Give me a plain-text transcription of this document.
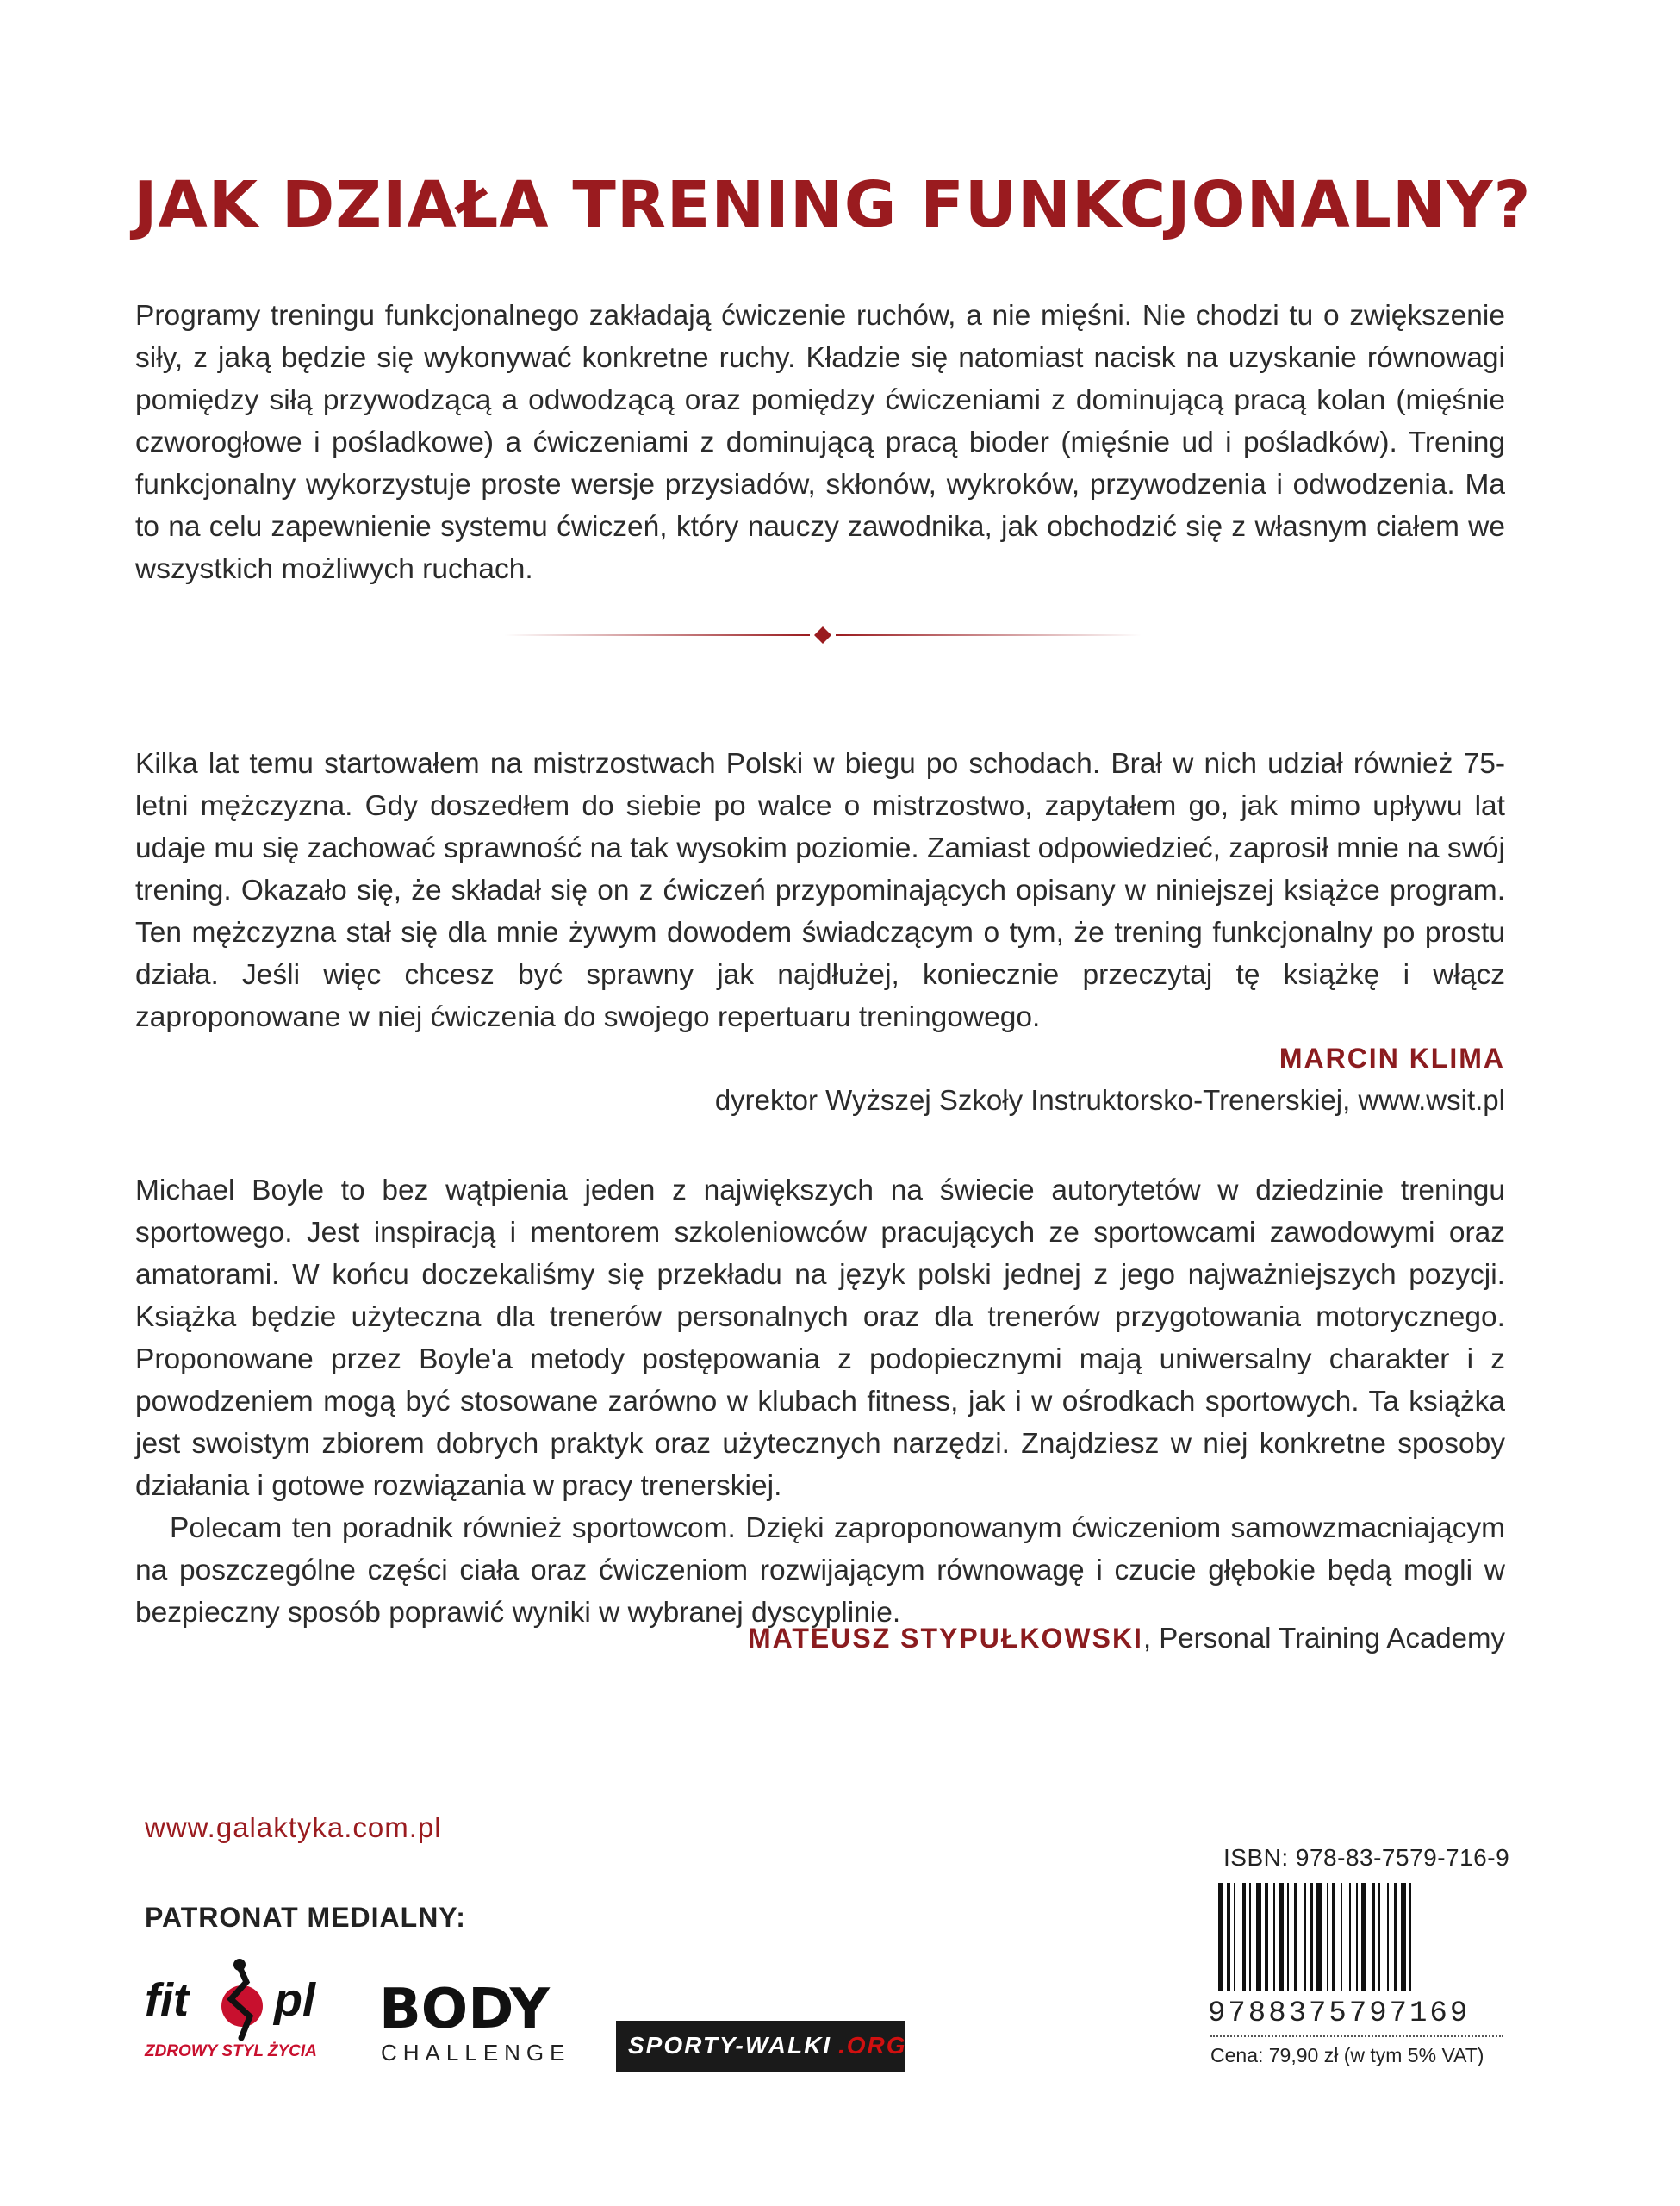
JAK DZIAŁA TRENING FUNKCJONALNY?
Programy treningu funkcjonalnego zakładają ćwiczenie ruchów, a nie mięśni. Nie chodzi tu o zwiększenie siły, z jaką będzie się wykonywać konkretne ruchy. Kładzie się natomiast nacisk na uzyskanie równowagi pomiędzy siłą przywodzącą a odwodzącą oraz pomiędzy ćwiczeniami z dominującą pracą kolan (mięśnie czworogłowe i pośladkowe) a ćwiczeniami z dominującą pracą bioder (mięśnie ud i pośladków). Trening funkcjonalny wykorzystuje proste wersje przysiadów, skłonów, wykroków, przywodzenia i odwodzenia. Ma to na celu zapewnienie systemu ćwiczeń, który nauczy zawodnika, jak obchodzić się z własnym ciałem we wszystkich możliwych ruchach.
Kilka lat temu startowałem na mistrzostwach Polski w biegu po schodach. Brał w nich udział również 75-letni mężczyzna. Gdy doszedłem do siebie po walce o mistrzostwo, zapytałem go, jak mimo upływu lat udaje mu się zachować sprawność na tak wysokim poziomie. Zamiast odpowiedzieć, zaprosił mnie na swój trening. Okazało się, że składał się on z ćwiczeń przypominających opisany w niniejszej książce program. Ten mężczyzna stał się dla mnie żywym dowodem świadczącym o tym, że trening funkcjonalny po prostu działa. Jeśli więc chcesz być sprawny jak najdłużej, koniecznie przeczytaj tę książkę i włącz zaproponowane w niej ćwiczenia do swojego repertuaru treningowego.
MARCIN KLIMA
dyrektor Wyższej Szkoły Instruktorsko-Trenerskiej, www.wsit.pl
Michael Boyle to bez wątpienia jeden z największych na świecie autorytetów w dziedzinie treningu sportowego. Jest inspiracją i mentorem szkoleniowców pracujących ze sportowcami zawodowymi oraz amatorami. W końcu doczekaliśmy się przekładu na język polski jednej z jego najważniejszych pozycji. Książka będzie użyteczna dla trenerów personalnych oraz dla trenerów przygotowania motorycznego. Proponowane przez Boyle'a metody postępowania z podopiecznymi mają uniwersalny charakter i z powodzeniem mogą być stosowane zarówno w klubach fitness, jak i w ośrodkach sportowych. Ta książka jest swoistym zbiorem dobrych praktyk oraz użytecznych narzędzi. Znajdziesz w niej konkretne sposoby działania i gotowe rozwiązania w pracy trenerskiej.
Polecam ten poradnik również sportowcom. Dzięki zaproponowanym ćwiczeniom samowzmacniającym na poszczególne części ciała oraz ćwiczeniom rozwijającym równowagę i czucie głębokie będą mogli w bezpieczny sposób poprawić wyniki w wybranej dyscyplinie.
MATEUSZ STYPUŁKOWSKI, Personal Training Academy
www.galaktyka.com.pl
PATRONAT MEDIALNY:
fit pl
ZDROWY STYL ŻYCIA
BODY
CHALLENGE SPORTY-WALKI .ORG
ISBN: 978-83-7579-716-9
9788375797169
Cena: 79,90 zł (w tym 5% VAT)
